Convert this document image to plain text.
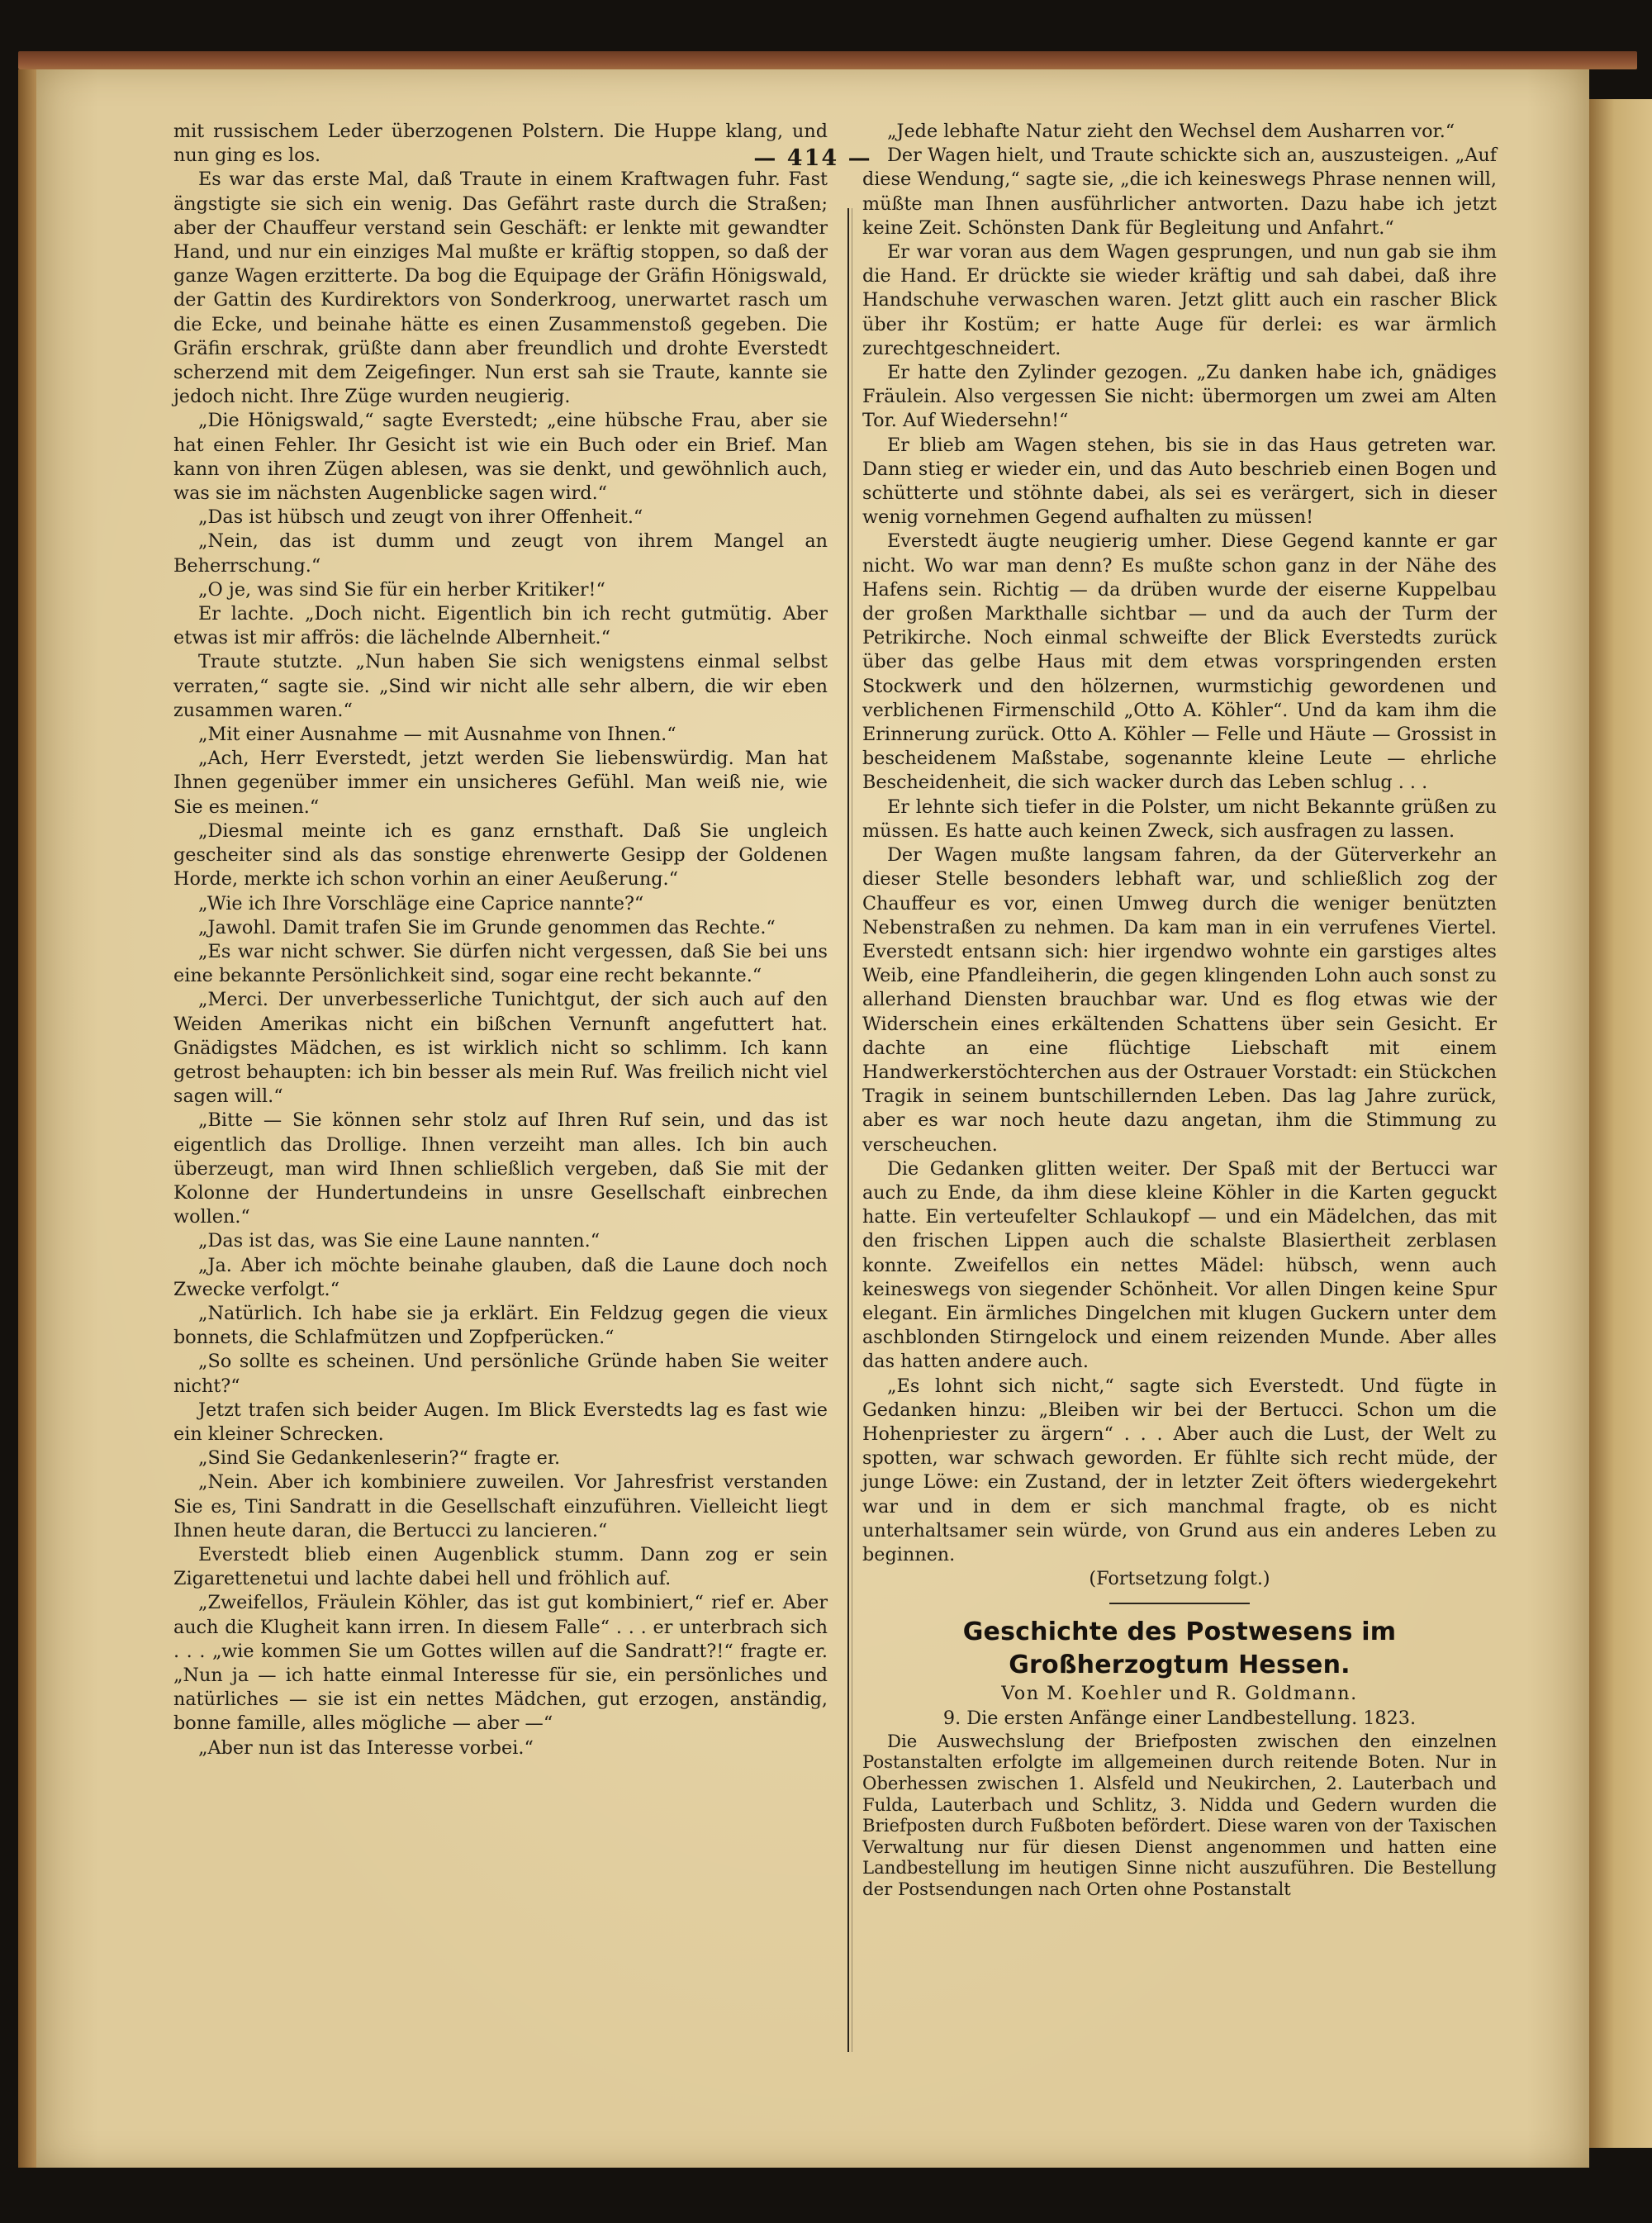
— 414 —

mit russischem Leder überzogenen Polstern. Die Huppe klang, und nun ging es los.

Es war das erste Mal, daß Traute in einem Kraftwagen fuhr. Fast ängstigte sie sich ein wenig. Das Gefährt raste durch die Straßen; aber der Chauffeur verstand sein Geschäft: er lenkte mit gewandter Hand, und nur ein einziges Mal mußte er kräftig stoppen, so daß der ganze Wagen erzitterte. Da bog die Equipage der Gräfin Hönigswald, der Gattin des Kurdirektors von Sonderkroog, unerwartet rasch um die Ecke, und beinahe hätte es einen Zusammenstoß gegeben. Die Gräfin erschrak, grüßte dann aber freundlich und drohte Everstedt scherzend mit dem Zeigefinger. Nun erst sah sie Traute, kannte sie jedoch nicht. Ihre Züge wurden neugierig.

„Die Hönigswald,“ sagte Everstedt; „eine hübsche Frau, aber sie hat einen Fehler. Ihr Gesicht ist wie ein Buch oder ein Brief. Man kann von ihren Zügen ablesen, was sie denkt, und gewöhnlich auch, was sie im nächsten Augenblicke sagen wird.“

„Das ist hübsch und zeugt von ihrer Offenheit.“

„Nein, das ist dumm und zeugt von ihrem Mangel an Beherrschung.“

„O je, was sind Sie für ein herber Kritiker!“

Er lachte. „Doch nicht. Eigentlich bin ich recht gutmütig. Aber etwas ist mir affrös: die lächelnde Albernheit.“

Traute stutzte. „Nun haben Sie sich wenigstens einmal selbst verraten,“ sagte sie. „Sind wir nicht alle sehr albern, die wir eben zusammen waren.“

„Mit einer Ausnahme — mit Ausnahme von Ihnen.“

„Ach, Herr Everstedt, jetzt werden Sie liebenswürdig. Man hat Ihnen gegenüber immer ein unsicheres Gefühl. Man weiß nie, wie Sie es meinen.“

„Diesmal meinte ich es ganz ernsthaft. Daß Sie ungleich gescheiter sind als das sonstige ehrenwerte Gesipp der Goldenen Horde, merkte ich schon vorhin an einer Aeußerung.“

„Wie ich Ihre Vorschläge eine Caprice nannte?“

„Jawohl. Damit trafen Sie im Grunde genommen das Rechte.“

„Es war nicht schwer. Sie dürfen nicht vergessen, daß Sie bei uns eine bekannte Persönlichkeit sind, sogar eine recht bekannte.“

„Merci. Der unverbesserliche Tunichtgut, der sich auch auf den Weiden Amerikas nicht ein bißchen Vernunft angefuttert hat. Gnädigstes Mädchen, es ist wirklich nicht so schlimm. Ich kann getrost behaupten: ich bin besser als mein Ruf. Was freilich nicht viel sagen will.“

„Bitte — Sie können sehr stolz auf Ihren Ruf sein, und das ist eigentlich das Drollige. Ihnen verzeiht man alles. Ich bin auch überzeugt, man wird Ihnen schließlich vergeben, daß Sie mit der Kolonne der Hundertundeins in unsre Gesellschaft einbrechen wollen.“

„Das ist das, was Sie eine Laune nannten.“

„Ja. Aber ich möchte beinahe glauben, daß die Laune doch noch Zwecke verfolgt.“

„Natürlich. Ich habe sie ja erklärt. Ein Feldzug gegen die vieux bonnets, die Schlafmützen und Zopfperücken.“

„So sollte es scheinen. Und persönliche Gründe haben Sie weiter nicht?“

Jetzt trafen sich beider Augen. Im Blick Everstedts lag es fast wie ein kleiner Schrecken.

„Sind Sie Gedankenleserin?“ fragte er.

„Nein. Aber ich kombiniere zuweilen. Vor Jahresfrist verstanden Sie es, Tini Sandratt in die Gesellschaft einzuführen. Vielleicht liegt Ihnen heute daran, die Bertucci zu lancieren.“

Everstedt blieb einen Augenblick stumm. Dann zog er sein Zigarettenetui und lachte dabei hell und fröhlich auf.

„Zweifellos, Fräulein Köhler, das ist gut kombiniert,“ rief er. Aber auch die Klugheit kann irren. In diesem Falle“ . . . er unterbrach sich . . . „wie kommen Sie um Gottes willen auf die Sandratt?!“ fragte er. „Nun ja — ich hatte einmal Interesse für sie, ein persönliches und natürliches — sie ist ein nettes Mädchen, gut erzogen, anständig, bonne famille, alles mögliche — aber —“

„Aber nun ist das Interesse vorbei.“

„Jede lebhafte Natur zieht den Wechsel dem Ausharren vor.“

Der Wagen hielt, und Traute schickte sich an, auszusteigen. „Auf diese Wendung,“ sagte sie, „die ich keineswegs Phrase nennen will, müßte man Ihnen ausführlicher antworten. Dazu habe ich jetzt keine Zeit. Schönsten Dank für Begleitung und Anfahrt.“

Er war voran aus dem Wagen gesprungen, und nun gab sie ihm die Hand. Er drückte sie wieder kräftig und sah dabei, daß ihre Handschuhe verwaschen waren. Jetzt glitt auch ein rascher Blick über ihr Kostüm; er hatte Auge für derlei: es war ärmlich zurechtgeschneidert.

Er hatte den Zylinder gezogen. „Zu danken habe ich, gnädiges Fräulein. Also vergessen Sie nicht: übermorgen um zwei am Alten Tor. Auf Wiedersehn!“

Er blieb am Wagen stehen, bis sie in das Haus getreten war. Dann stieg er wieder ein, und das Auto beschrieb einen Bogen und schütterte und stöhnte dabei, als sei es verärgert, sich in dieser wenig vornehmen Gegend aufhalten zu müssen!

Everstedt äugte neugierig umher. Diese Gegend kannte er gar nicht. Wo war man denn? Es mußte schon ganz in der Nähe des Hafens sein. Richtig — da drüben wurde der eiserne Kuppelbau der großen Markthalle sichtbar — und da auch der Turm der Petrikirche. Noch einmal schweifte der Blick Everstedts zurück über das gelbe Haus mit dem etwas vorspringenden ersten Stockwerk und den hölzernen, wurmstichig gewordenen und verblichenen Firmenschild „Otto A. Köhler“. Und da kam ihm die Erinnerung zurück. Otto A. Köhler — Felle und Häute — Grossist in bescheidenem Maßstabe, sogenannte kleine Leute — ehrliche Bescheidenheit, die sich wacker durch das Leben schlug . . .

Er lehnte sich tiefer in die Polster, um nicht Bekannte grüßen zu müssen. Es hatte auch keinen Zweck, sich ausfragen zu lassen.

Der Wagen mußte langsam fahren, da der Güterverkehr an dieser Stelle besonders lebhaft war, und schließlich zog der Chauffeur es vor, einen Umweg durch die weniger benützten Nebenstraßen zu nehmen. Da kam man in ein verrufenes Viertel. Everstedt entsann sich: hier irgendwo wohnte ein garstiges altes Weib, eine Pfandleiherin, die gegen klingenden Lohn auch sonst zu allerhand Diensten brauchbar war. Und es flog etwas wie der Widerschein eines erkältenden Schattens über sein Gesicht. Er dachte an eine flüchtige Liebschaft mit einem Handwerkerstöchterchen aus der Ostrauer Vorstadt: ein Stückchen Tragik in seinem buntschillernden Leben. Das lag Jahre zurück, aber es war noch heute dazu angetan, ihm die Stimmung zu verscheuchen.

Die Gedanken glitten weiter. Der Spaß mit der Bertucci war auch zu Ende, da ihm diese kleine Köhler in die Karten geguckt hatte. Ein verteufelter Schlaukopf — und ein Mädelchen, das mit den frischen Lippen auch die schalste Blasiertheit zerblasen konnte. Zweifellos ein nettes Mädel: hübsch, wenn auch keineswegs von siegender Schönheit. Vor allen Dingen keine Spur elegant. Ein ärmliches Dingelchen mit klugen Guckern unter dem aschblonden Stirngelock und einem reizenden Munde. Aber alles das hatten andere auch.

„Es lohnt sich nicht,“ sagte sich Everstedt. Und fügte in Gedanken hinzu: „Bleiben wir bei der Bertucci. Schon um die Hohenpriester zu ärgern“ . . . Aber auch die Lust, der Welt zu spotten, war schwach geworden. Er fühlte sich recht müde, der junge Löwe: ein Zustand, der in letzter Zeit öfters wiedergekehrt war und in dem er sich manchmal fragte, ob es nicht unterhaltsamer sein würde, von Grund aus ein anderes Leben zu beginnen.

(Fortsetzung folgt.)

Geschichte des Postwesens im Großherzogtum Hessen.

Von M. Koehler und R. Goldmann.

9. Die ersten Anfänge einer Landbestellung. 1823.

Die Auswechslung der Briefposten zwischen den einzelnen Postanstalten erfolgte im allgemeinen durch reitende Boten. Nur in Oberhessen zwischen 1. Alsfeld und Neukirchen, 2. Lauterbach und Fulda, Lauterbach und Schlitz, 3. Nidda und Gedern wurden die Briefposten durch Fußboten befördert. Diese waren von der Taxischen Verwaltung nur für diesen Dienst angenommen und hatten eine Landbestellung im heutigen Sinne nicht auszuführen. Die Bestellung der Postsendungen nach Orten ohne Postanstalt
